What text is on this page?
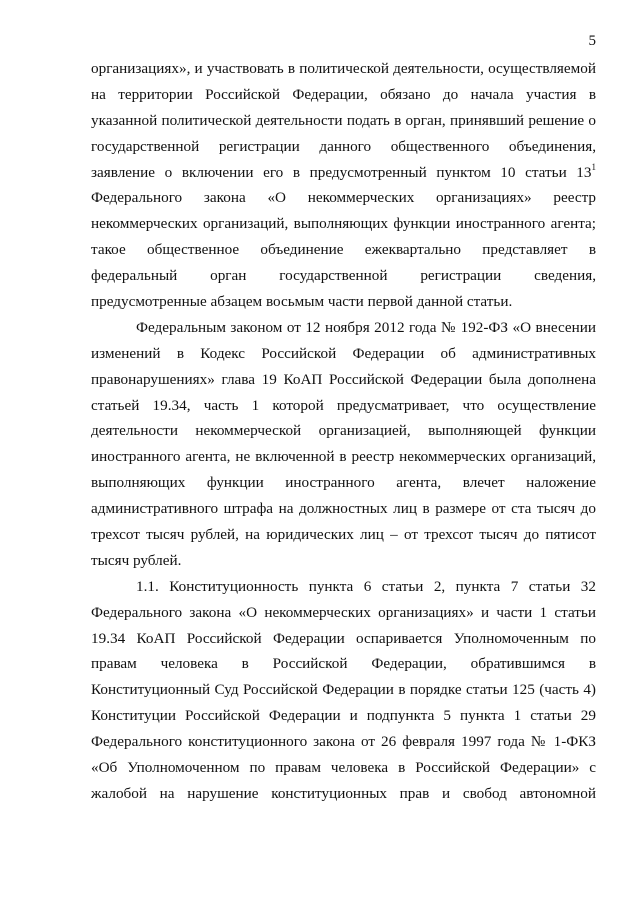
5
организациях», и участвовать в политической деятельности, осуществляемой
на территории Российской Федерации, обязано до начала участия в
указанной политической деятельности подать в орган, принявший решение о
государственной регистрации данного общественного объединения,
заявление о включении его в предусмотренный пунктом 10 статьи $13^1$
Федерального закона «О некоммерческих организациях» реестр
некоммерческих организаций, выполняющих функции иностранного агента;
такое общественное объединение ежеквартально представляет в
федеральный орган государственной регистрации сведения,
предусмотренные абзацем восьмым части первой данной статьи.
Федеральным законом от 12 ноября 2012 года № 192-ФЗ «О внесении
изменений в Кодекс Российской Федерации об административных
правонарушениях» глава 19 КоАП Российской Федерации была дополнена
статьей 19.34, часть 1 которой предусматривает, что осуществление
деятельности некоммерческой организацией, выполняющей функции
иностранного агента, не включенной в реестр некоммерческих организаций,
выполняющих функции иностранного агента, влечет наложение
административного штрафа на должностных лиц в размере от ста тысяч до
трехсот тысяч рублей, на юридических лиц – от трехсот тысяч до пятисот
тысяч рублей.
1.1. Конституционность пункта 6 статьи 2, пункта 7 статьи 32
Федерального закона «О некоммерческих организациях» и части 1 статьи
19.34 КоАП Российской Федерации оспаривается Уполномоченным по
правам человека в Российской Федерации, обратившимся в
Конституционный Суд Российской Федерации в порядке статьи 125 (часть 4)
Конституции Российской Федерации и подпункта 5 пункта 1 статьи 29
Федерального конституционного закона от 26 февраля 1997 года № 1-ФКЗ
«Об Уполномоченном по правам человека в Российской Федерации» с
жалобой на нарушение конституционных прав и свобод автономной
